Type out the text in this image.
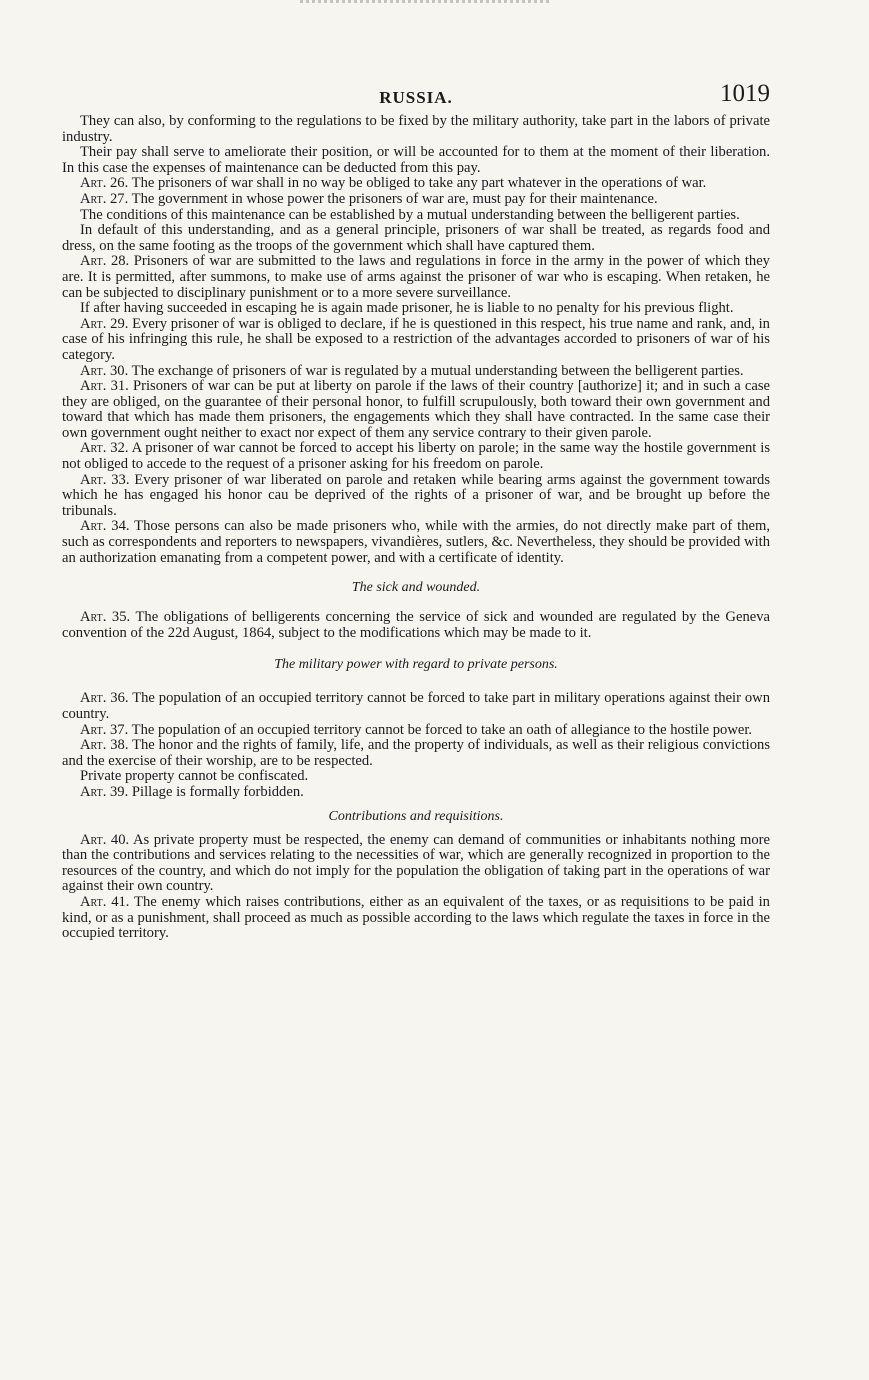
RUSSIA.	1019

They can also, by conforming to the regulations to be fixed by the military authority, take part in the labors of private industry.

Their pay shall serve to ameliorate their position, or will be accounted for to them at the moment of their liberation. In this case the expenses of maintenance can be deducted from this pay.

Art. 26. The prisoners of war shall in no way be obliged to take any part whatever in the operations of war.

Art. 27. The government in whose power the prisoners of war are, must pay for their maintenance.

The conditions of this maintenance can be established by a mutual understanding between the belligerent parties.

In default of this understanding, and as a general principle, prisoners of war shall be treated, as regards food and dress, on the same footing as the troops of the government which shall have captured them.

Art. 28. Prisoners of war are submitted to the laws and regulations in force in the army in the power of which they are. It is permitted, after summons, to make use of arms against the prisoner of war who is escaping. When retaken, he can be subjected to disciplinary punishment or to a more severe surveillance.

If after having succeeded in escaping he is again made prisoner, he is liable to no penalty for his previous flight.

Art. 29. Every prisoner of war is obliged to declare, if he is questioned in this respect, his true name and rank, and, in case of his infringing this rule, he shall be exposed to a restriction of the advantages accorded to prisoners of war of his category.

Art. 30. The exchange of prisoners of war is regulated by a mutual understanding between the belligerent parties.

Art. 31. Prisoners of war can be put at liberty on parole if the laws of their country [authorize] it; and in such a case they are obliged, on the guarantee of their personal honor, to fulfill scrupulously, both toward their own government and toward that which has made them prisoners, the engagements which they shall have contracted. In the same case their own government ought neither to exact nor expect of them any service contrary to their given parole.

Art. 32. A prisoner of war cannot be forced to accept his liberty on parole; in the same way the hostile government is not obliged to accede to the request of a prisoner asking for his freedom on parole.

Art. 33. Every prisoner of war liberated on parole and retaken while bearing arms against the government towards which he has engaged his honor cau be deprived of the rights of a prisoner of war, and be brought up before the tribunals.

Art. 34. Those persons can also be made prisoners who, while with the armies, do not directly make part of them, such as correspondents and reporters to newspapers, vivandières, sutlers, &c. Nevertheless, they should be provided with an authorization emanating from a competent power, and with a certificate of identity.

The sick and wounded.

Art. 35. The obligations of belligerents concerning the service of sick and wounded are regulated by the Geneva convention of the 22d August, 1864, subject to the modifications which may be made to it.

The military power with regard to private persons.

Art. 36. The population of an occupied territory cannot be forced to take part in military operations against their own country.

Art. 37. The population of an occupied territory cannot be forced to take an oath of allegiance to the hostile power.

Art. 38. The honor and the rights of family, life, and the property of individuals, as well as their religious convictions and the exercise of their worship, are to be respected.

Private property cannot be confiscated.

Art. 39. Pillage is formally forbidden.

Contributions and requisitions.

Art. 40. As private property must be respected, the enemy can demand of communities or inhabitants nothing more than the contributions and services relating to the necessities of war, which are generally recognized in proportion to the resources of the country, and which do not imply for the population the obligation of taking part in the operations of war against their own country.

Art. 41. The enemy which raises contributions, either as an equivalent of the taxes, or as requisitions to be paid in kind, or as a punishment, shall proceed as much as possible according to the laws which regulate the taxes in force in the occupied territory.
